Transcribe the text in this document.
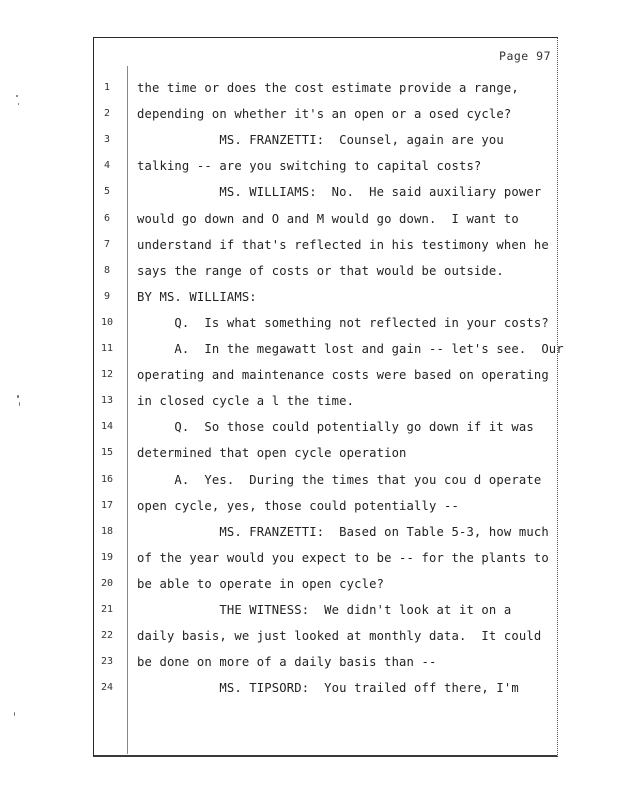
Page 97
1	the time or does the cost estimate provide a range,
2	depending on whether it's an open or a osed cycle?
3	MS. FRANZETTI:  Counsel, again are you
4	talking -- are you switching to capital costs?
5	MS. WILLIAMS:  No.  He said auxiliary power
6	would go down and O and M would go down.  I want to
7	understand if that's reflected in his testimony when he
8	says the range of costs or that would be outside.
9	BY MS. WILLIAMS:
10	Q.  Is what something not reflected in your costs?
11	A.  In the megawatt lost and gain -- let's see.  Our
12	operating and maintenance costs were based on operating
13	in closed cycle a l the time.
14	Q.  So those could potentially go down if it was
15	determined that open cycle operation
16	A.  Yes.  During the times that you cou d operate
17	open cycle, yes, those could potentially --
18	MS. FRANZETTI:  Based on Table 5-3, how much
19	of the year would you expect to be -- for the plants to
20	be able to operate in open cycle?
21	THE WITNESS:  We didn't look at it on a
22	daily basis, we just looked at monthly data.  It could
23	be done on more of a daily basis than --
24	MS. TIPSORD:  You trailed off there, I'm
